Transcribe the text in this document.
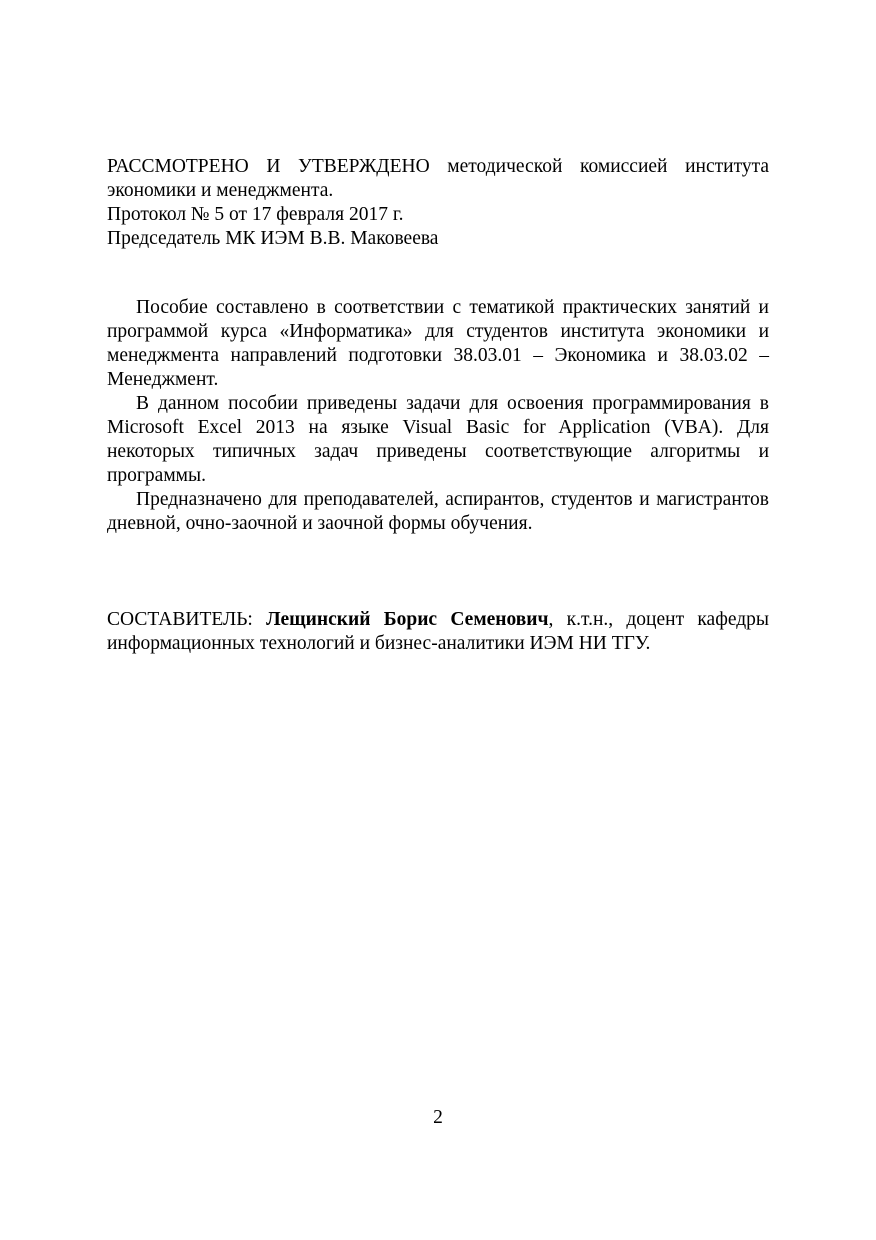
РАССМОТРЕНО И УТВЕРЖДЕНО методической комиссией института экономики и менеджмента.

Протокол № 5 от 17 февраля 2017 г.

Председатель МК ИЭМ В.В. Маковеева

Пособие составлено в соответствии с тематикой практических занятий и программой курса «Информатика» для студентов института экономики и менеджмента направлений подготовки 38.03.01 – Экономика и 38.03.02 – Менеджмент.

В данном пособии приведены задачи для освоения программирования в Microsoft Excel 2013 на языке Visual Basic for Application (VBA). Для некоторых типичных задач приведены соответствующие алгоритмы и программы.

Предназначено для преподавателей, аспирантов, студентов и магистрантов дневной, очно-заочной и заочной формы обучения.

СОСТАВИТЕЛЬ: Лещинский Борис Семенович, к.т.н., доцент кафедры информационных технологий и бизнес-аналитики ИЭМ НИ ТГУ.

2
